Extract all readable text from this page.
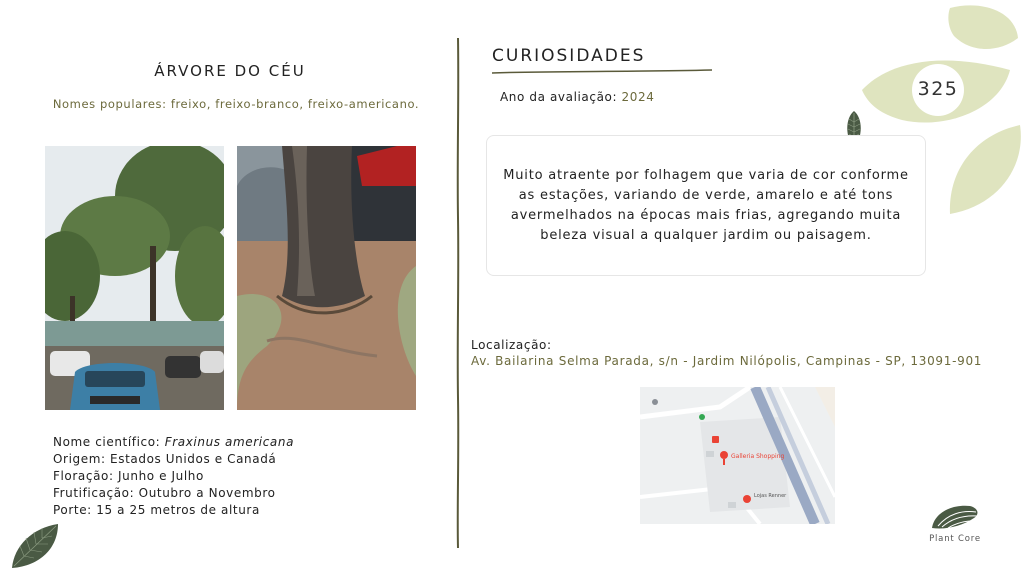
325
ÁRVORE DO CÉU
Nomes populares: freixo, freixo-branco, freixo-americano.
Nome científico: Fraxinus americana
Origem: Estados Unidos e Canadá
Floração: Junho e Julho
Frutificação: Outubro a Novembro
Porte: 15 a 25 metros de altura
CURIOSIDADES
Ano da avaliação: 2024

Muito atraente por folhagem que varia de cor conforme as estações, variando de verde, amarelo e até tons avermelhados na épocas mais frias, agregando muita beleza visual a qualquer jardim ou paisagem.

Localização:
Av. Bailarina Selma Parada, s/n - Jardim Nilópolis, Campinas - SP, 13091-901
Galleria Shopping
Lojas Renner
Plant Core
